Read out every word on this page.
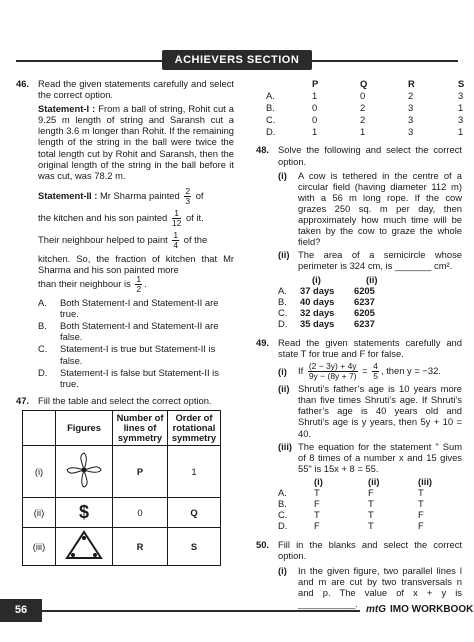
ACHIEVERS SECTION
46. Read the given statements carefully and select the correct option.

Statement-I : From a ball of string, Rohit cut a 9.25 m length of string and Saransh cut a length 3.6 m longer than Rohit. If the remaining length of the string in the ball were twice the total length cut by Rohit and Saransh, then the original length of the string in the ball before it was cut, was 78.2 m.

Statement-II : Mr Sharma painted $\frac{2}{3}$ of

the kitchen and his son painted $\frac{1}{12}$ of it.

Their neighbour helped to paint $\frac{1}{4}$ of the

kitchen. So, the fraction of kitchen that Mr Sharma and his son painted more

than their neighbour is $\frac{1}{2}$ .

A.	Both Statement-I and Statement-II are true.
B.	Both Statement-I and Statement-II are false.
C.	Statement-I is true but Statement-II is false.
D.	Statement-I is false but Statement-II is true.
47. Fill the table and select the correct option.

	Figures	Number of lines of symmetry	Order of rotational symmetry
(i)		P	1
(ii)	$	0	Q
(iii)		R	S
P	Q	R	S
A.	1	0	2	3
B.	0	2	3	1
C.	0	2	3	3
D.	1	1	3	1
48. Solve the following and select the correct option.

(i)	A cow is tethered in the centre of a circular field (having diameter 112 m) with a 56 m long rope. If the cow grazes 250 sq. m per day, then approximately how much time will be taken by the cow to graze the whole field?
(ii) The area of a semicircle whose perimeter is 324 cm, is _______ cm².
(i)	(ii)
A.	37 days	6205
B.	40 days	6237
C.	32 days	6205
D.	35 days	6237
49. Read the given statements carefully and state T for true and F for false.

(i)	If $\frac{(2 - 3y) + 4y}{9y - (8y + 7)} = \frac{4}{5}$ , then y = −32.
(ii) Shruti’s father’s age is 10 years more than five times Shruti’s age. If Shruti’s father’s age is 40 years old and Shruti’s age is y years, then 5y + 10 = 40.
(iii) The equation for the statement " Sum of 8 times of a number x and 15 gives 55" is 15x + 8 = 55.
(i)	(ii)	(iii)
A.	T	F	T
B.	F	T	T
C.	T	T	F
D.	F	T	F
50. Fill in the blanks and select the correct option.

(i)	In the given figure, two parallel lines l and m are cut by two transversals n and p. The value of x + y is ___________.
56	mtG IMO WORKBOOK
